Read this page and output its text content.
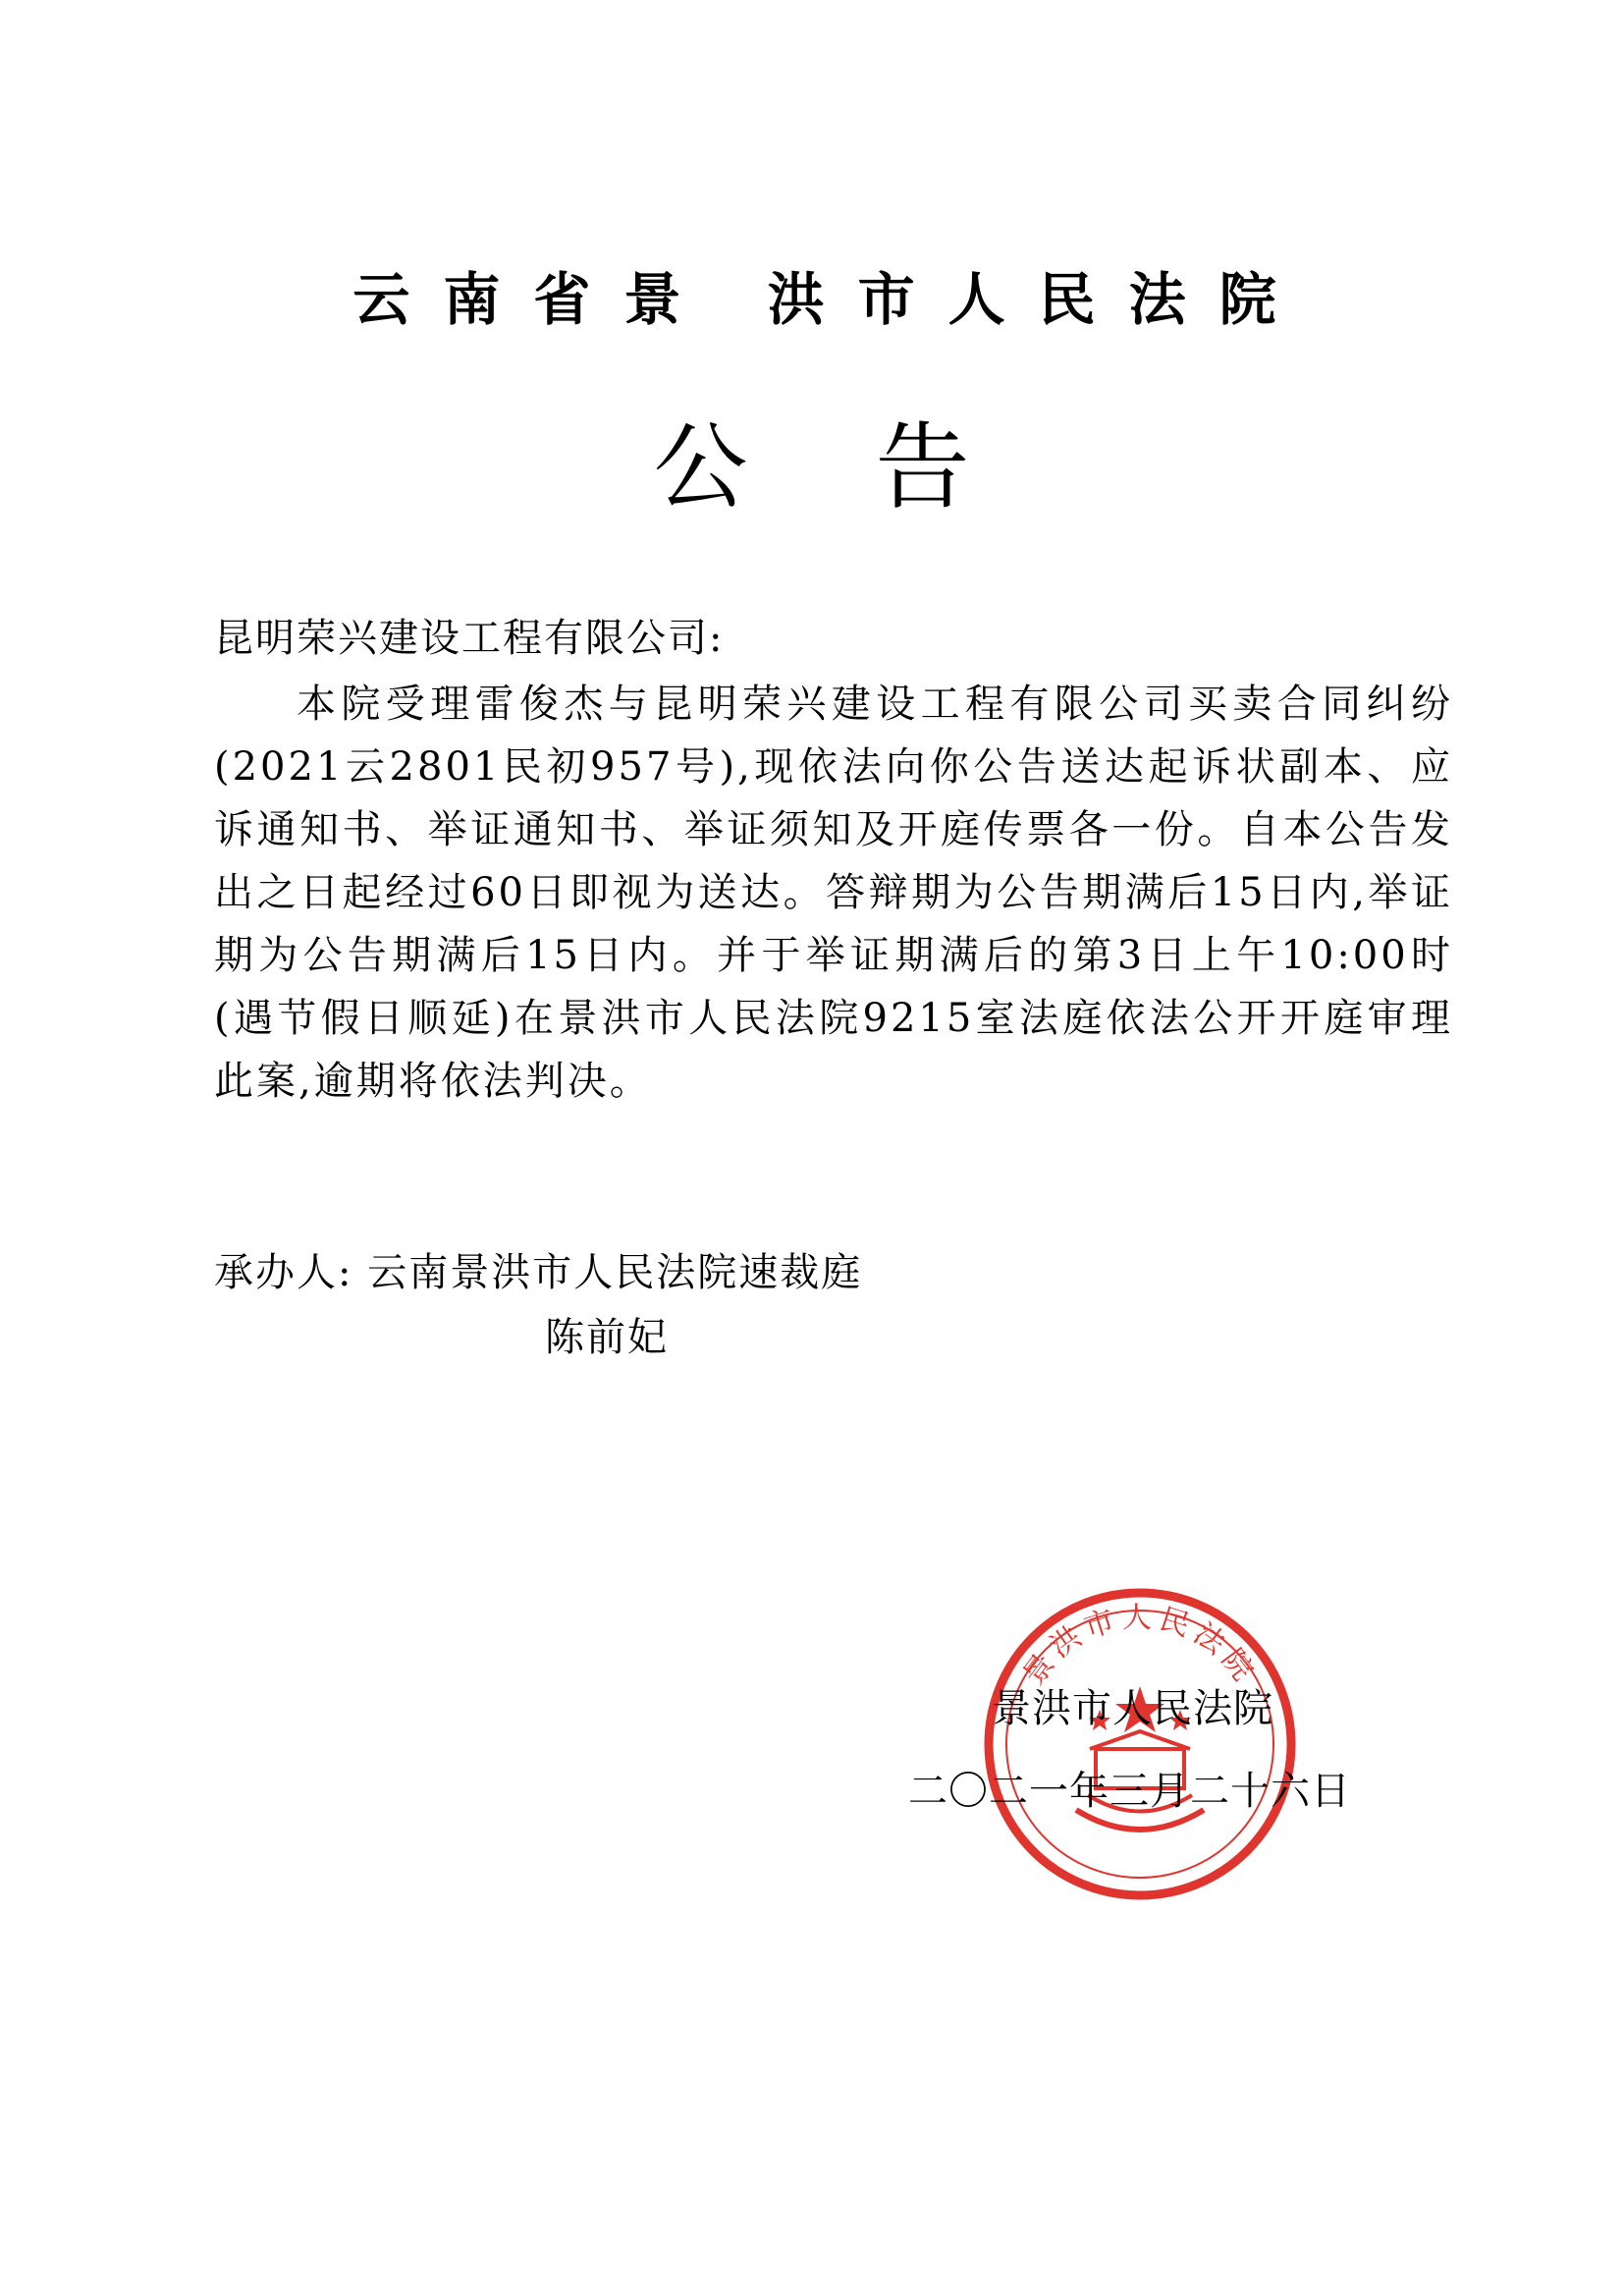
云南省景 洪市人民法院
公告
昆明荣兴建设工程有限公司:
本院受理雷俊杰与昆明荣兴建设工程有限公司买卖合同纠纷(2021云2801民初957号),现依法向你公告送达起诉状副本、应诉通知书、举证通知书、举证须知及开庭传票各一份。自本公告发出之日起经过60日即视为送达。答辩期为公告期满后15日内,举证期为公告期满后15日内。并于举证期满后的第3日上午10:00时(遇节假日顺延)在景洪市人民法院9215室法庭依法公开开庭审理此案,逾期将依法判决。
承办人: 云南景洪市人民法院速裁庭
陈前妃
景洪市人民法院
景洪市人民法院
二〇二一年三月二十六日
